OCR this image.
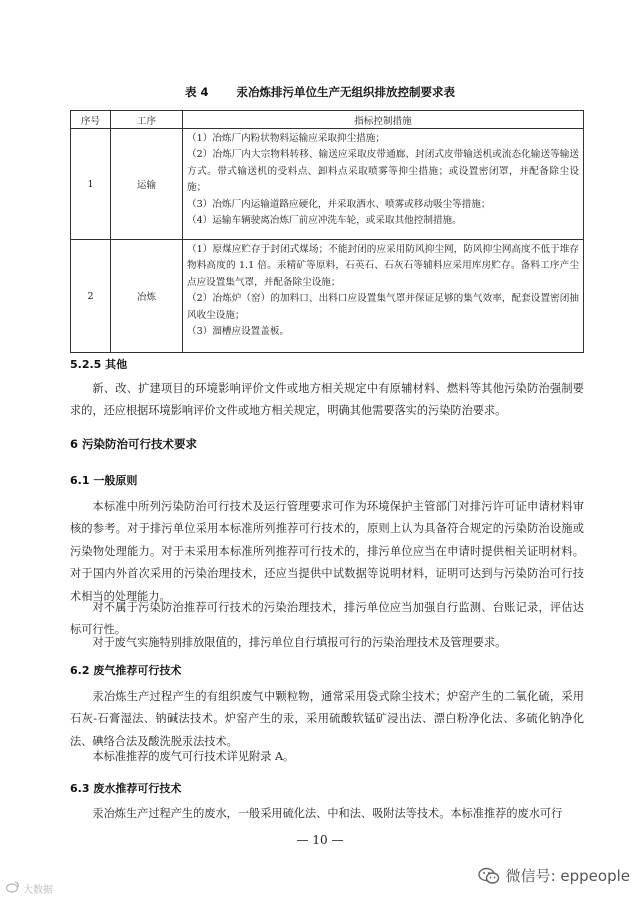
表 4 汞冶炼排污单位生产无组织排放控制要求表
序号	工序	指标控制措施
1	运输	（1）冶炼厂内粉状物料运输应采取抑尘措施；
（2）冶炼厂内大宗物料转移、输送应采取皮带通廊、封闭式皮带输送机或流态化输送等输送方式。带式输送机的受料点、卸料点采取喷雾等抑尘措施；或设置密闭罩，并配备除尘设施；
（3）冶炼厂内运输道路应硬化，并采取洒水、喷雾或移动吸尘等措施；
（4）运输车辆驶离冶炼厂前应冲洗车轮，或采取其他控制措施。

2	冶炼	（1）原煤应贮存于封闭式煤场；不能封闭的应采用防风抑尘网，防风抑尘网高度不低于堆存物料高度的 1.1 倍。汞精矿等原料，石英石、石灰石等辅料应采用库房贮存。备料工序产尘点应设置集气罩，并配备除尘设施；
（2）冶炼炉（窑）的加料口、出料口应设置集气罩并保证足够的集气效率，配套设置密闭抽风收尘设施；
（3）溜槽应设置盖板。
5.2.5 其他
新、改、扩建项目的环境影响评价文件或地方相关规定中有原辅材料、燃料等其他污染防治强制要求的，还应根据环境影响评价文件或地方相关规定，明确其他需要落实的污染防治要求。
6 污染防治可行技术要求
6.1 一般原则
本标准中所列污染防治可行技术及运行管理要求可作为环境保护主管部门对排污许可证申请材料审核的参考。对于排污单位采用本标准所列推荐可行技术的，原则上认为具备符合规定的污染防治设施或污染物处理能力。对于未采用本标准所列推荐可行技术的，排污单位应当在申请时提供相关证明材料。对于国内外首次采用的污染治理技术，还应当提供中试数据等说明材料，证明可达到与污染防治可行技术相当的处理能力。
对不属于污染防治推荐可行技术的污染治理技术，排污单位应当加强自行监测、台账记录，评估达标可行性。
对于废气实施特别排放限值的，排污单位自行填报可行的污染治理技术及管理要求。
6.2 废气推荐可行技术
汞冶炼生产过程产生的有组织废气中颗粒物，通常采用袋式除尘技术；炉窑产生的二氧化硫，采用石灰-石膏湿法、钠碱法技术。炉窑产生的汞，采用硫酸软锰矿浸出法、漂白粉净化法、多硫化钠净化法、碘络合法及酸洗脱汞法技术。
本标准推荐的废气可行技术详见附录 A。
6.3 废水推荐可行技术
汞冶炼生产过程产生的废水，一般采用硫化法、中和法、吸附法等技术。本标准推荐的废水可行
— 10 —
大数据
微信号: eppeople
